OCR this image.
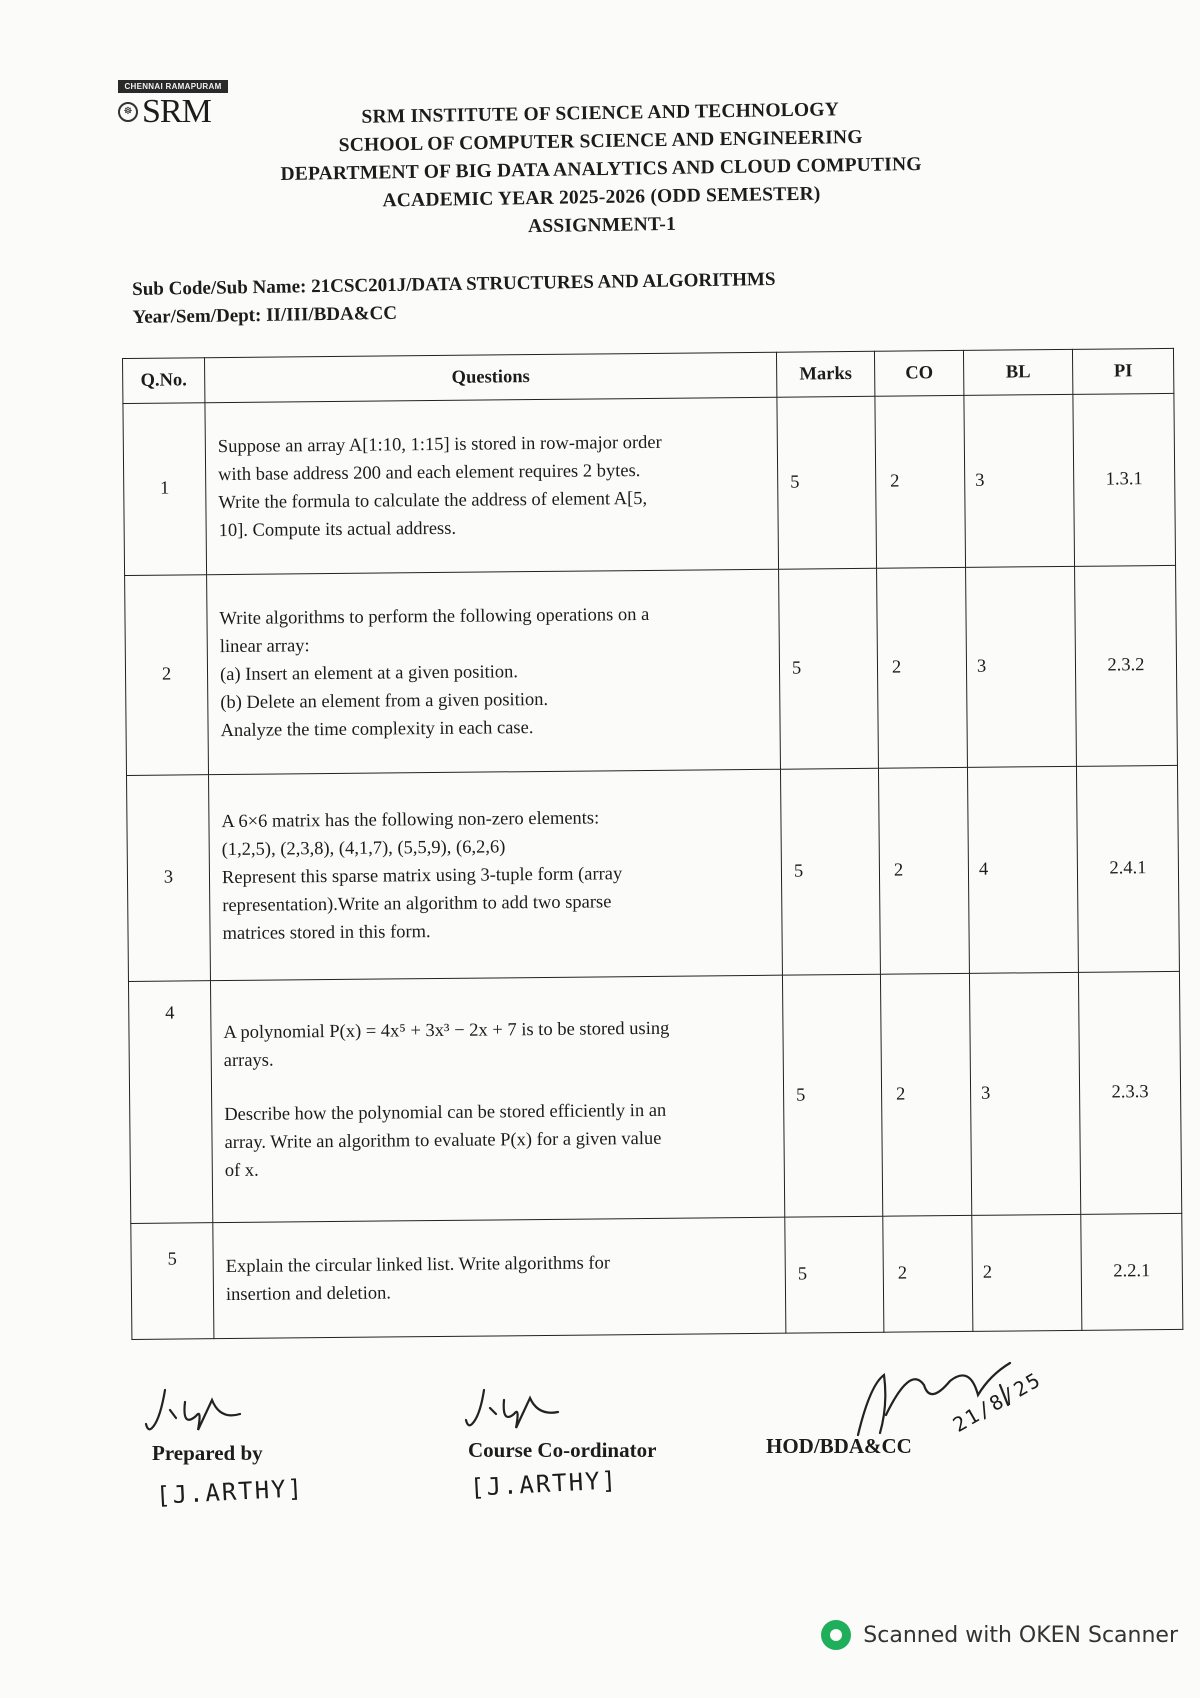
CHENNAI RAMAPURAM
☸ SRM	SRM INSTITUTE OF SCIENCE AND TECHNOLOGY
SCHOOL OF COMPUTER SCIENCE AND ENGINEERING
DEPARTMENT OF BIG DATA ANALYTICS AND CLOUD COMPUTING
ACADEMIC YEAR 2025-2026 (ODD SEMESTER)
ASSIGNMENT-1
Sub Code/Sub Name: 21CSC201J/DATA STRUCTURES AND ALGORITHMS
Year/Sem/Dept: II/III/BDA&CC
Q.No.	Questions	Marks	CO	BL	PI
1	Suppose an array A[1:10, 1:15] is stored in row-major order
with base address 200 and each element requires 2 bytes.
Write the formula to calculate the address of element A[5,
10]. Compute its actual address.	5	2	3	1.3.1
2	Write algorithms to perform the following operations on a
linear array:
(a) Insert an element at a given position.
(b) Delete an element from a given position.
Analyze the time complexity in each case.	5	2	3	2.3.2
3	A 6×6 matrix has the following non-zero elements:
(1,2,5), (2,3,8), (4,1,7), (5,5,9), (6,2,6)
Represent this sparse matrix using 3-tuple form (array
representation).Write an algorithm to add two sparse
matrices stored in this form.	5	2	4	2.4.1
4	A polynomial P(x) = 4x⁵ + 3x³ − 2x + 7 is to be stored using
arrays.
Describe how the polynomial can be stored efficiently in an
array. Write an algorithm to evaluate P(x) for a given value
of x.	5	2	3	2.3.3
5	Explain the circular linked list. Write algorithms for
insertion and deletion.	5	2	2	2.2.1
Prepared by
[J.ARTHY]
Course Co-ordinator
[J.ARTHY]
HOD/BDA&CC
21/8/25
Scanned with OKEN Scanner
